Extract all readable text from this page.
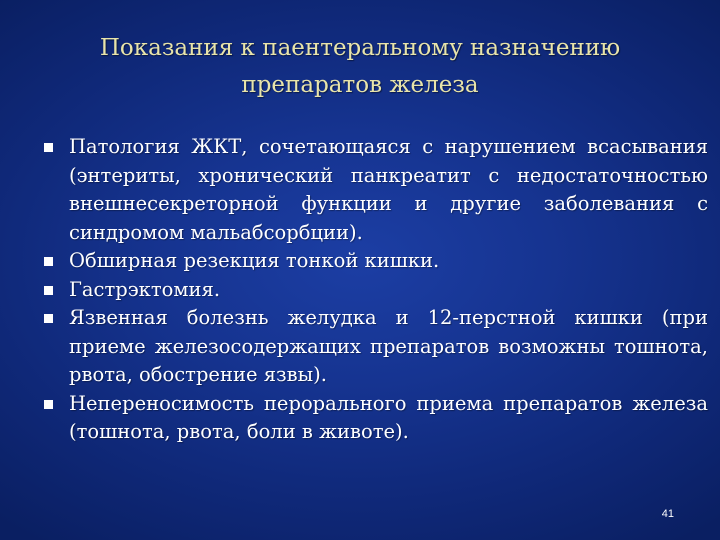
Показания к паентеральному назначению
препаратов железа
Патология ЖКТ, сочетающаяся с нарушением всасывания (энтериты, хронический панкреатит с недостаточностью внешнесекреторной функции и другие заболевания с синдромом мальабсорбции).
Обширная резекция тонкой кишки.
Гастрэктомия.
Язвенная болезнь желудка и 12-перстной кишки (при приеме железосодержащих препаратов возможны тошнота, рвота, обострение язвы).
Непереносимость перорального приема препаратов железа (тошнота, рвота, боли в животе).
41
